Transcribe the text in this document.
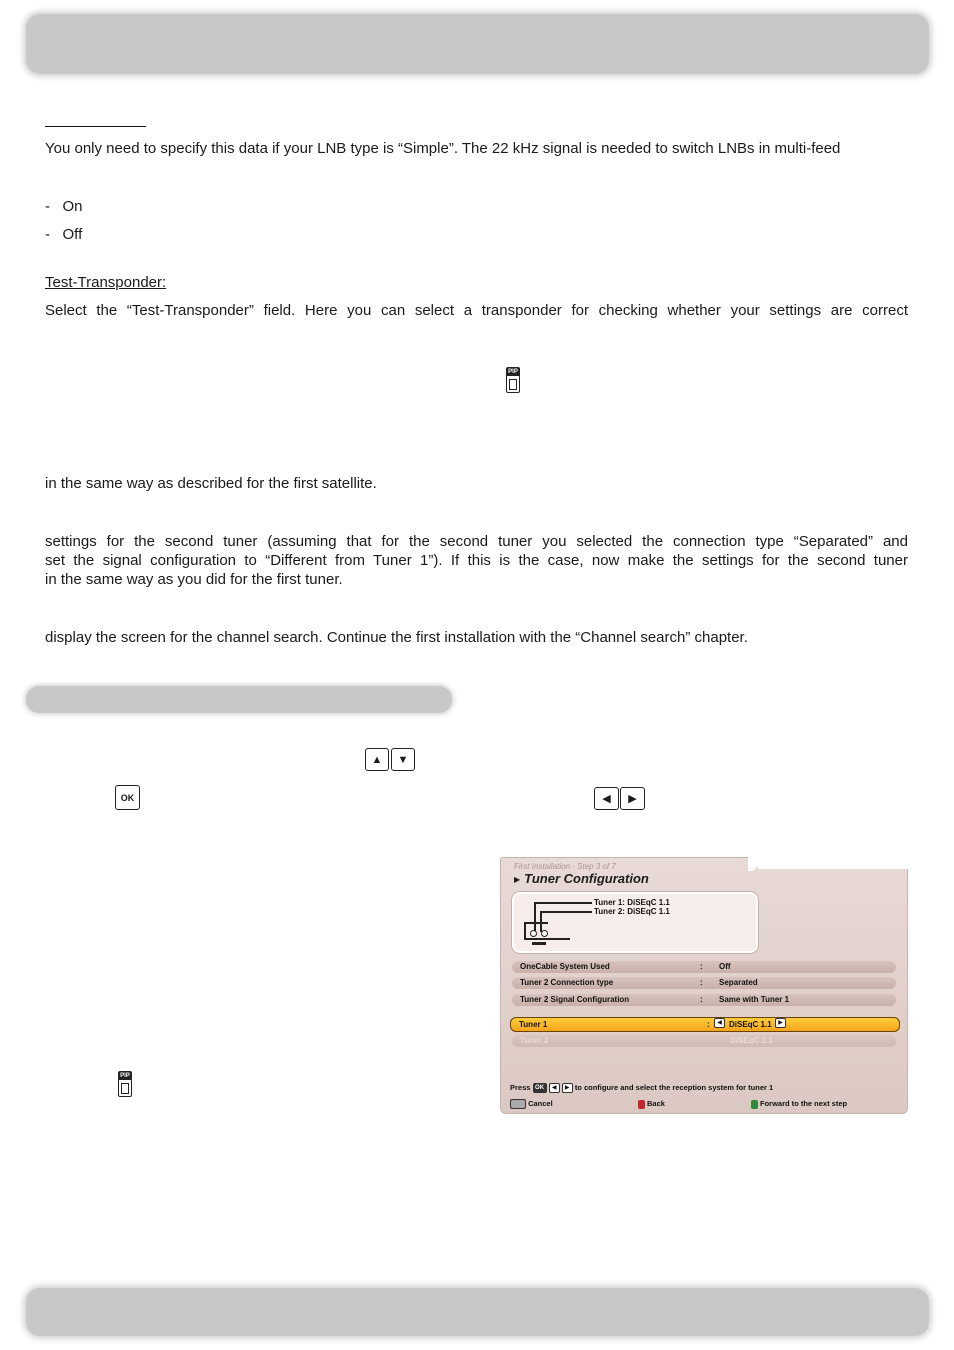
You only need to specify this data if your LNB type is “Simple”. The 22 kHz signal is needed to switch LNBs in multi-feed

- On

- Off

Test-Transponder:

Select the “Test-Transponder” field. Here you can select a transponder for checking whether your settings are correct

PIP

in the same way as described for the first satellite.

settings for the second tuner (assuming that for the second tuner you selected the connection type “Separated” and

set the signal configuration to “Different from Tuner 1”). If this is the case, now make the settings for the second tuner

in the same way as you did for the first tuner.

display the screen for the channel search. Continue the first installation with the “Channel search” chapter.

▲	▼
OK	◀	▶
PIP
First Installation - Step 3 of 7
▶ Tuner Configuration
Tuner 1: DiSEqC 1.1
Tuner 2: DiSEqC 1.1
OneCable System Used	: Off
Tuner 2 Connection type	: Separated
Tuner 2 Signal Configuration	: Same with Tuner 1
Tuner 1	:	◀ DiSEqC 1.1	▶
Tuner 2	DiSEqC 1.1
Press OK ◀ ▶ to configure and select the reception system for tuner 1
BACK Cancel	Back	Forward to the next step
